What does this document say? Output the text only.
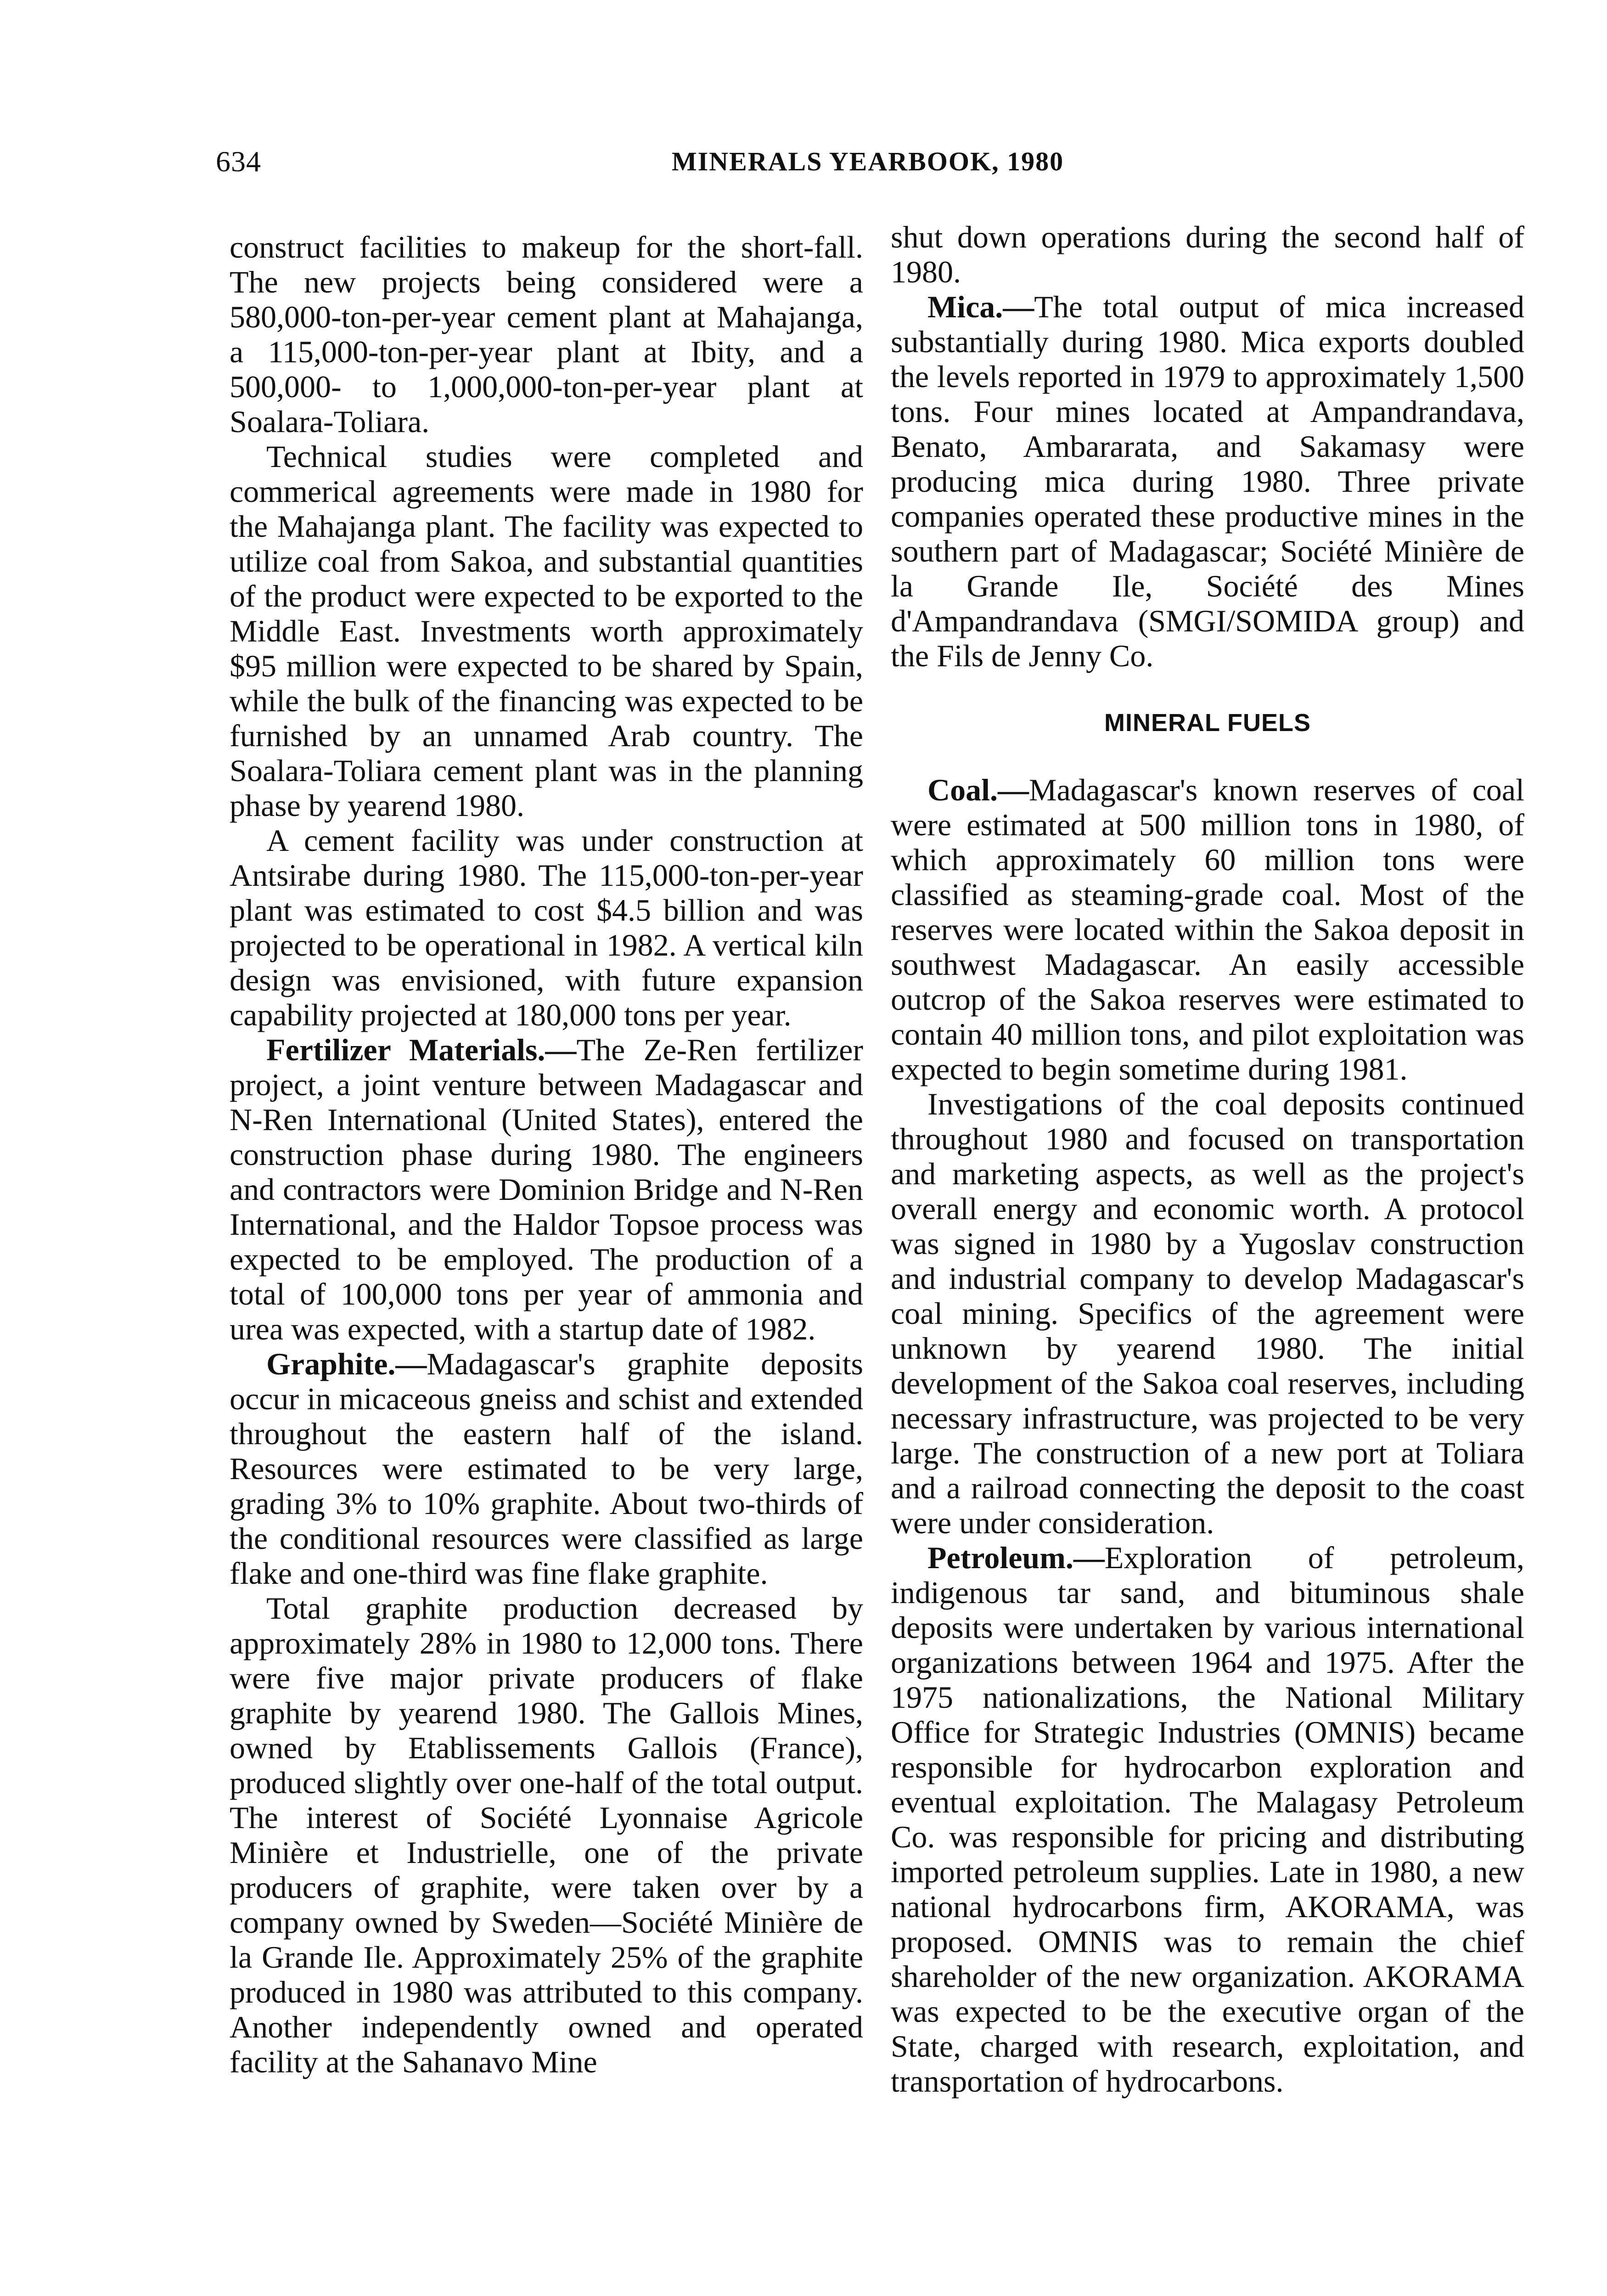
634	MINERALS YEARBOOK, 1980

construct facilities to makeup for the short-fall. The new projects being considered were a 580,000-ton-per-year cement plant at Mahajanga, a 115,000-ton-per-year plant at Ibity, and a 500,000- to 1,000,000-ton-per-year plant at Soalara-Toliara.

Technical studies were completed and commerical agreements were made in 1980 for the Mahajanga plant. The facility was expected to utilize coal from Sakoa, and substantial quantities of the product were expected to be exported to the Middle East. Investments worth approximately $95 million were expected to be shared by Spain, while the bulk of the financing was expected to be furnished by an unnamed Arab country. The Soalara-Toliara cement plant was in the planning phase by yearend 1980.

A cement facility was under construction at Antsirabe during 1980. The 115,000-ton-per-year plant was estimated to cost $4.5 billion and was projected to be operational in 1982. A vertical kiln design was envisioned, with future expansion capability projected at 180,000 tons per year.

Fertilizer Materials.—The Ze-Ren fertilizer project, a joint venture between Madagascar and N-Ren International (United States), entered the construction phase during 1980. The engineers and contractors were Dominion Bridge and N-Ren International, and the Haldor Topsoe process was expected to be employed. The production of a total of 100,000 tons per year of ammonia and urea was expected, with a startup date of 1982.

Graphite.—Madagascar's graphite deposits occur in micaceous gneiss and schist and extended throughout the eastern half of the island. Resources were estimated to be very large, grading 3% to 10% graphite. About two-thirds of the conditional resources were classified as large flake and one-third was fine flake graphite.

Total graphite production decreased by approximately 28% in 1980 to 12,000 tons. There were five major private producers of flake graphite by yearend 1980. The Gallois Mines, owned by Etablissements Gallois (France), produced slightly over one-half of the total output. The interest of Société Lyonnaise Agricole Minière et Industrielle, one of the private producers of graphite, were taken over by a company owned by Sweden—Société Minière de la Grande Ile. Approximately 25% of the graphite produced in 1980 was attributed to this company. Another independently owned and operated facility at the Sahanavo Mine

shut down operations during the second half of 1980.

Mica.—The total output of mica increased substantially during 1980. Mica exports doubled the levels reported in 1979 to approximately 1,500 tons. Four mines located at Ampandrandava, Benato, Ambararata, and Sakamasy were producing mica during 1980. Three private companies operated these productive mines in the southern part of Madagascar; Société Minière de la Grande Ile, Société des Mines d'Ampandrandava (SMGI/SOMIDA group) and the Fils de Jenny Co.

MINERAL FUELS

Coal.—Madagascar's known reserves of coal were estimated at 500 million tons in 1980, of which approximately 60 million tons were classified as steaming-grade coal. Most of the reserves were located within the Sakoa deposit in southwest Madagascar. An easily accessible outcrop of the Sakoa reserves were estimated to contain 40 million tons, and pilot exploitation was expected to begin sometime during 1981.

Investigations of the coal deposits continued throughout 1980 and focused on transportation and marketing aspects, as well as the project's overall energy and economic worth. A protocol was signed in 1980 by a Yugoslav construction and industrial company to develop Madagascar's coal mining. Specifics of the agreement were unknown by yearend 1980. The initial development of the Sakoa coal reserves, including necessary infrastructure, was projected to be very large. The construction of a new port at Toliara and a railroad connecting the deposit to the coast were under consideration.

Petroleum.—Exploration of petroleum, indigenous tar sand, and bituminous shale deposits were undertaken by various international organizations between 1964 and 1975. After the 1975 nationalizations, the National Military Office for Strategic Industries (OMNIS) became responsible for hydrocarbon exploration and eventual exploitation. The Malagasy Petroleum Co. was responsible for pricing and distributing imported petroleum supplies. Late in 1980, a new national hydrocarbons firm, AKORAMA, was proposed. OMNIS was to remain the chief shareholder of the new organization. AKORAMA was expected to be the executive organ of the State, charged with research, exploitation, and transportation of hydrocarbons.
